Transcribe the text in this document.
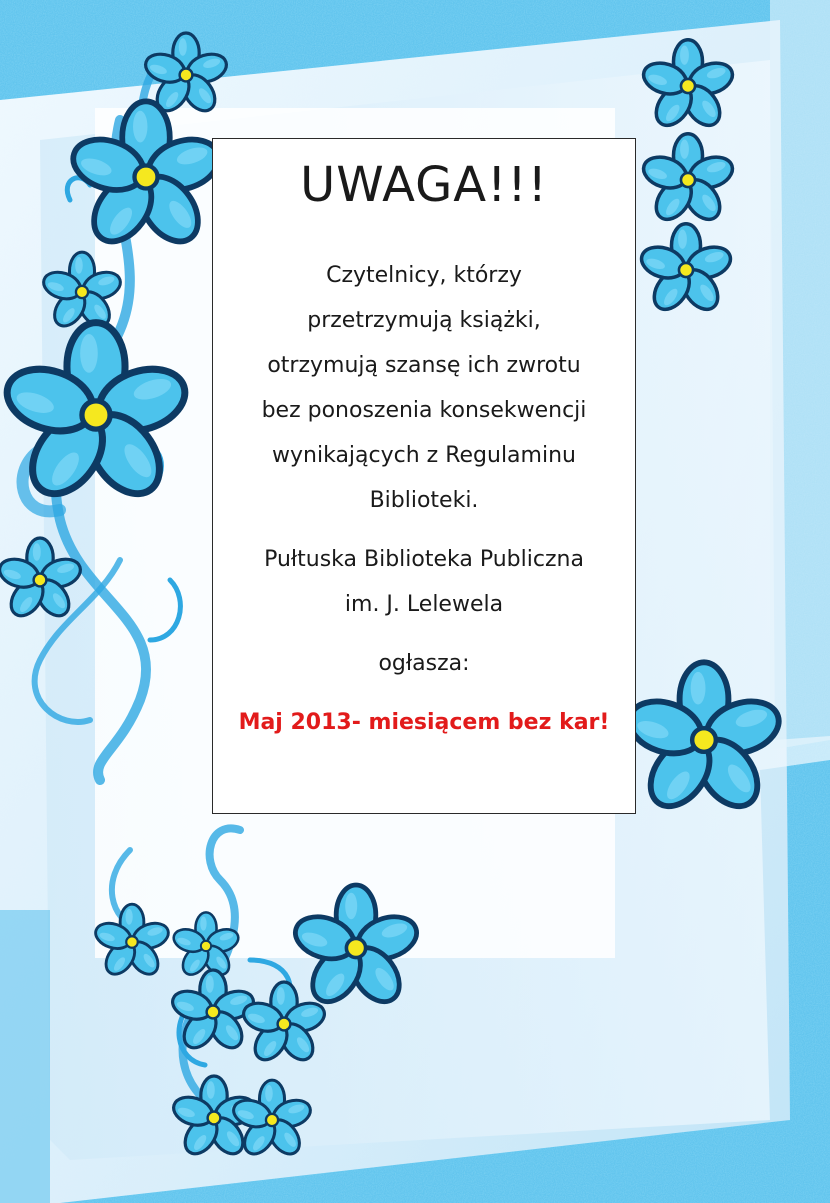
UWAGA!!!
Czytelnicy, którzy
przetrzymują książki,
otrzymują szansę ich zwrotu
bez ponoszenia konsekwencji
wynikających z Regulaminu
Biblioteki.
Pułtuska Biblioteka Publiczna
im. J. Lelewela
ogłasza:
Maj 2013- miesiącem bez kar!
